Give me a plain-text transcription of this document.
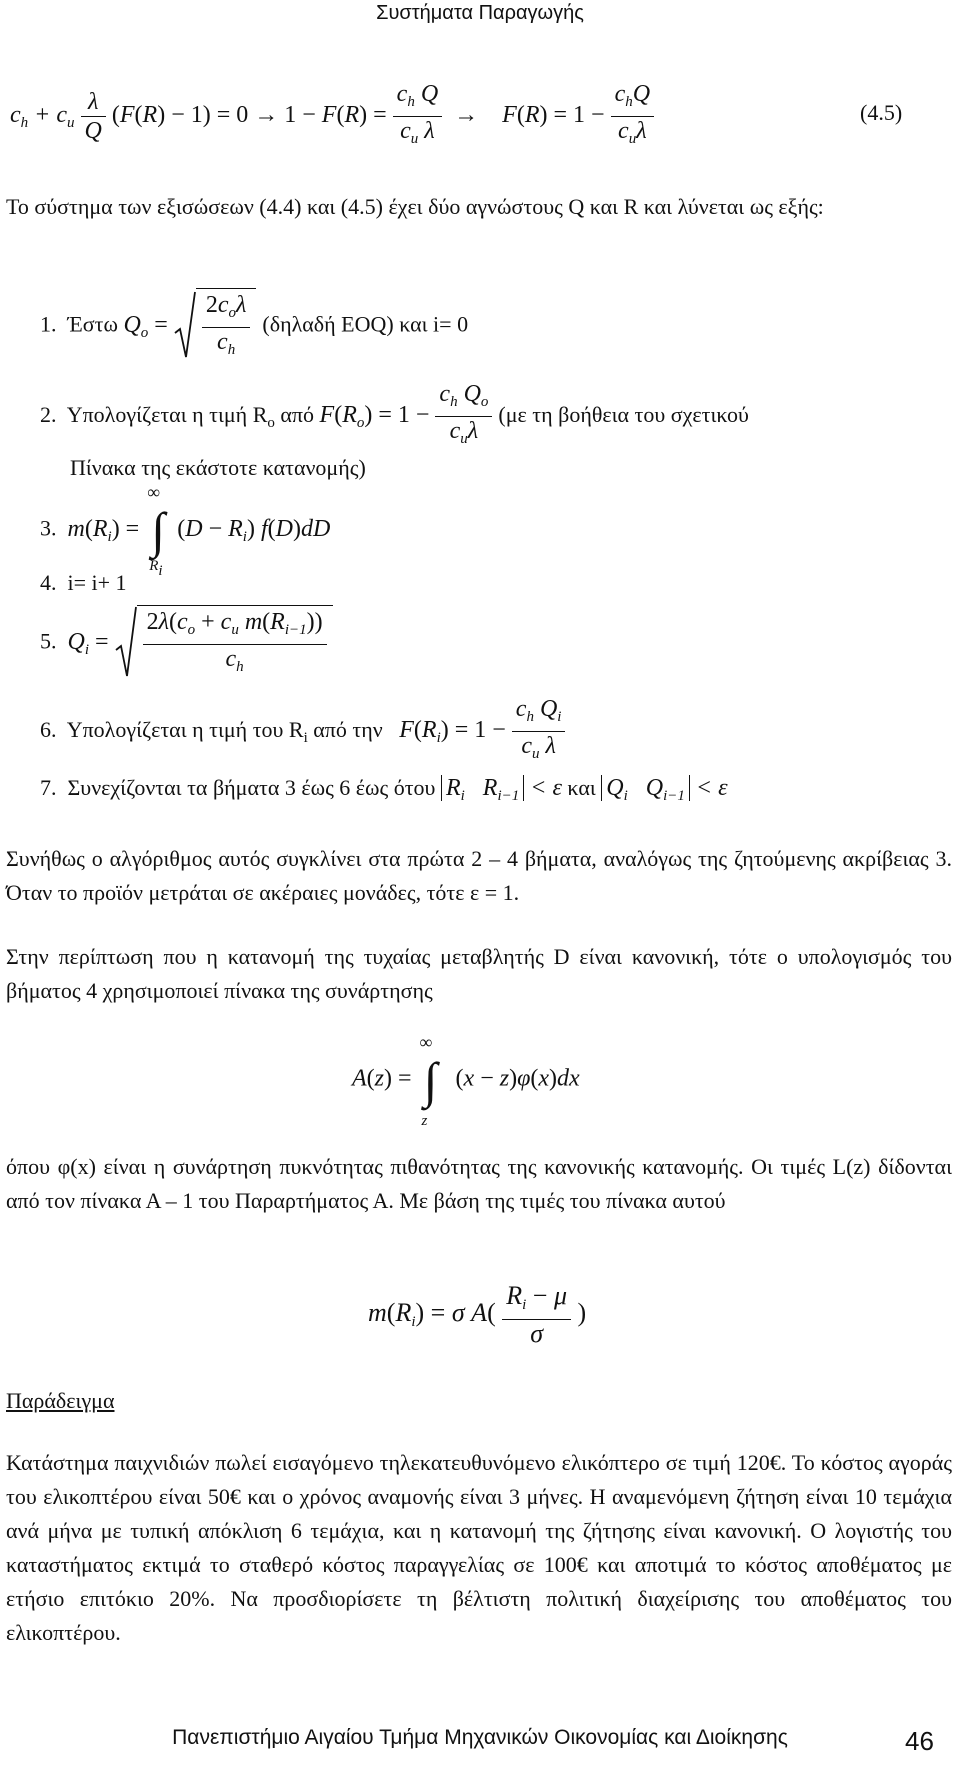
Συστήματα Παραγωγής
$c_h + c_u \frac{\lambda}{Q} (F(R) - 1) = 0 \to 1 - F(R) = \frac{c_h Q}{c_u \lambda}$ →    $F(R) = 1 - \frac{c_hQ}{c_u\lambda}$	(4.5)
Το σύστημα των εξισώσεων (4.4) και (4.5) έχει δύο αγνώστους Q και R και λύνεται ως εξής:
1. Έστω $Q_o = \frac{2c_o\lambda}{c_h} (\delta\eta\lambda\alpha\delta ή$ EOQ) και i= 0
2. Υπολογίζεται η τιμή $R_o$ από $F(R_o) = 1 - \frac{c_h Q_o}{c_u\lambda} (\mu\varepsilon$ τη βοήθεια του σχετικού
Πίνακα της εκάστοτε κατανομής)
3. $m(R_i)$ =
∞
∫
$R_i$
$(D - R_i)$ f(D)dD
4. i= i+ 1
5. $Q_i = \frac{2\lambda(c_o + c_u m(R_{i-1}))}{c_h}$
6. Υπολογίζεται η τιμή του $R_i$ από την $F(R_i) = 1 - \frac{c_h Q_i}{c_u \lambda}$
7. Συνεχίζονται τα βήματα 3 έως 6 έως ότου $R_i$   $R_{i-1} < \varepsilon$ και $Q_i$   $Q_{i-1} < \varepsilon$
Συνήθως ο αλγόριθμος αυτός συγκλίνει στα πρώτα 2 – 4 βήματα, αναλόγως της ζητούμενης ακρίβειας 3. Όταν το προϊόν μετράται σε ακέραιες μονάδες, τότε ε = 1.
Στην περίπτωση που η κατανομή της τυχαίας μεταβλητής D είναι κανονική, τότε ο υπολογισμός του βήματος 4 χρησιμοποιεί πίνακα της συνάρτησης
A(z) =
∞
∫
z
(x − z)φ(x)dx
όπου φ(x) είναι η συνάρτηση πυκνότητας πιθανότητας της κανονικής κατανομής. Οι τιμές L(z) δίδονται από τον πίνακα Α – 1 του Παραρτήματος Α. Με βάση της τιμές του πίνακα αυτού
$m(R_i) = \sigma$ $A( \frac{R_i - \mu}{\sigma}$ )
Παράδειγμα
Κατάστημα παιχνιδιών πωλεί εισαγόμενο τηλεκατευθυνόμενο ελικόπτερο σε τιμή 120€. Το κόστος αγοράς του ελικοπτέρου είναι 50€ και ο χρόνος αναμονής είναι 3 μήνες. Η αναμενόμενη ζήτηση είναι 10 τεμάχια ανά μήνα με τυπική απόκλιση 6 τεμάχια, και η κατανομή της ζήτησης είναι κανονική. Ο λογιστής του καταστήματος εκτιμά το σταθερό κόστος παραγγελίας σε 100€ και αποτιμά το κόστος αποθέματος με ετήσιο επιτόκιο 20%. Να προσδιορίσετε τη βέλτιστη πολιτική διαχείρισης του αποθέματος του ελικοπτέρου.
Πανεπιστήμιο Αιγαίου Τμήμα Μηχανικών Οικονομίας και Διοίκησης	46
